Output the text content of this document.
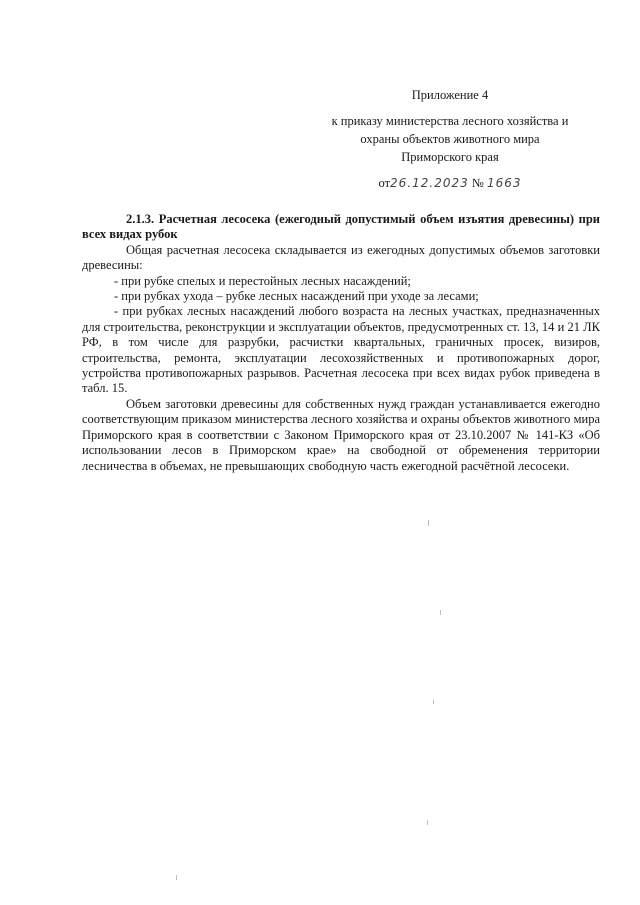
Приложение 4
к приказу министерства лесного хозяйства и
охраны объектов животного мира
Приморского края
от26.12.2023 № 1663

2.1.3. Расчетная лесосека (ежегодный допустимый объем изъятия древесины) при всех видах рубок

Общая расчетная лесосека складывается из ежегодных допустимых объемов заготовки древесины:

- при рубке спелых и перестойных лесных насаждений;
- при рубках ухода – рубке лесных насаждений при уходе за лесами;
- при рубках лесных насаждений любого возраста на лесных участках, предназначенных для строительства, реконструкции и эксплуатации объектов, предусмотренных ст. 13, 14 и 21 ЛК РФ, в том числе для разрубки, расчистки квартальных, граничных просек, визиров, строительства, ремонта, эксплуатации лесохозяйственных и противопожарных дорог, устройства противопожарных разрывов. Расчетная лесосека при всех видах рубок приведена в табл. 15.

Объем заготовки древесины для собственных нужд граждан устанавливается ежегодно соответствующим приказом министерства лесного хозяйства и охраны объектов животного мира Приморского края в соответствии с Законом Приморского края от 23.10.2007 № 141-КЗ «Об использовании лесов в Приморском крае» на свободной от обременения территории лесничества в объемах, не превышающих свободную часть ежегодной расчётной лесосеки.
